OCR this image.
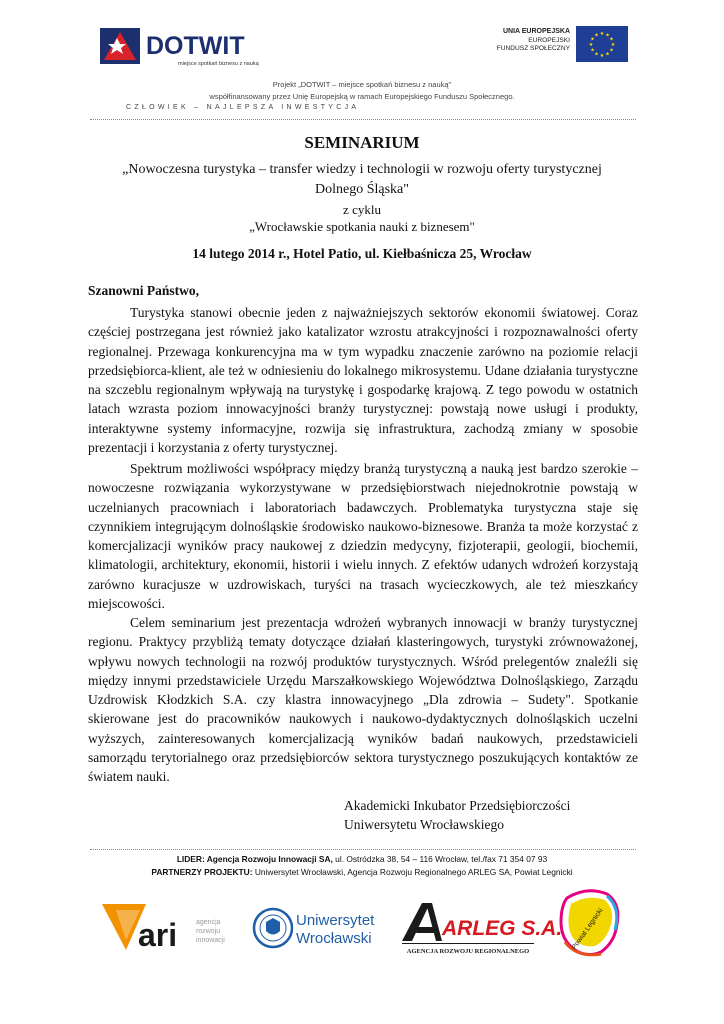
DOTWIT
miejsce spotkań biznesu z nauką
UNIA EUROPEJSKA
EUROPEJSKI
FUNDUSZ SPOŁECZNY
★ ★
★
★
★
★
★
★
★
★
★
★
Projekt „DOTWIT – miejsce spotkań biznesu z nauką"
współfinansowany przez Unię Europejską w ramach Europejskiego Funduszu Społecznego.
CZŁOWIEK – NAJLEPSZA INWESTYCJA
SEMINARIUM
„Nowoczesna turystyka – transfer wiedzy i technologii w rozwoju oferty turystycznej
Dolnego Śląska"
z cyklu
„Wrocławskie spotkania nauki z biznesem"
14 lutego 2014 r., Hotel Patio, ul. Kiełbaśnicza 25, Wrocław
Szanowni Państwo,

Turystyka stanowi obecnie jeden z najważniejszych sektorów ekonomii światowej. Coraz częściej postrzegana jest również jako katalizator wzrostu atrakcyjności i rozpoznawalności oferty regionalnej. Przewaga konkurencyjna ma w tym wypadku znaczenie zarówno na poziomie relacji przedsiębiorca-klient, ale też w odniesieniu do lokalnego mikrosystemu. Udane działania turystyczne na szczeblu regionalnym wpływają na turystykę i gospodarkę krajową. Z tego powodu w ostatnich latach wzrasta poziom innowacyjności branży turystycznej: powstają nowe usługi i produkty, interaktywne systemy informacyjne, rozwija się infrastruktura, zachodzą zmiany w sposobie prezentacji i korzystania z oferty turystycznej.

Spektrum możliwości współpracy między branżą turystyczną a nauką jest bardzo szerokie – nowoczesne rozwiązania wykorzystywane w przedsiębiorstwach niejednokrotnie powstają w uczelnianych pracowniach i laboratoriach badawczych. Problematyka turystyczna staje się czynnikiem integrującym dolnośląskie środowisko naukowo-biznesowe. Branża ta może korzystać z komercjalizacji wyników pracy naukowej z dziedzin medycyny, fizjoterapii, geologii, biochemii, klimatologii, architektury, ekonomii, historii i wielu innych. Z efektów udanych wdrożeń korzystają zarówno kuracjusze w uzdrowiskach, turyści na trasach wycieczkowych, ale też mieszkańcy miejscowości.

Celem seminarium jest prezentacja wdrożeń wybranych innowacji w branży turystycznej regionu. Praktycy przybliżą tematy dotyczące działań klasteringowych, turystyki zrównoważonej, wpływu nowych technologii na rozwój produktów turystycznych. Wśród prelegentów znaleźli się między innymi przedstawiciele Urzędu Marszałkowskiego Województwa Dolnośląskiego, Zarządu Uzdrowisk Kłodzkich S.A. czy klastra innowacyjnego „Dla zdrowia – Sudety". Spotkanie skierowane jest do pracowników naukowych i naukowo-dydaktycznych dolnośląskich uczelni wyższych, zainteresowanych komercjalizacją wyników badań naukowych, przedstawicieli samorządu terytorialnego oraz przedsiębiorców sektora turystycznego poszukujących kontaktów ze światem nauki.

Akademicki Inkubator Przedsiębiorczości
Uniwersytetu Wrocławskiego
LIDER: Agencja Rozwoju Innowacji SA, ul. Ostródzka 38, 54 – 116 Wrocław, tel./fax 71 354 07 93
PARTNERZY PROJEKTU: Uniwersytet Wrocławski, Agencja Rozwoju Regionalnego ARLEG SA, Powiat Legnicki
ari	agencja
rozwoju
innowacji
Uniwersytet
Wrocławski	ARLEG S.A.
AGENCJA ROZWOJU REGIONALNEGO
Powiat Legnicki
